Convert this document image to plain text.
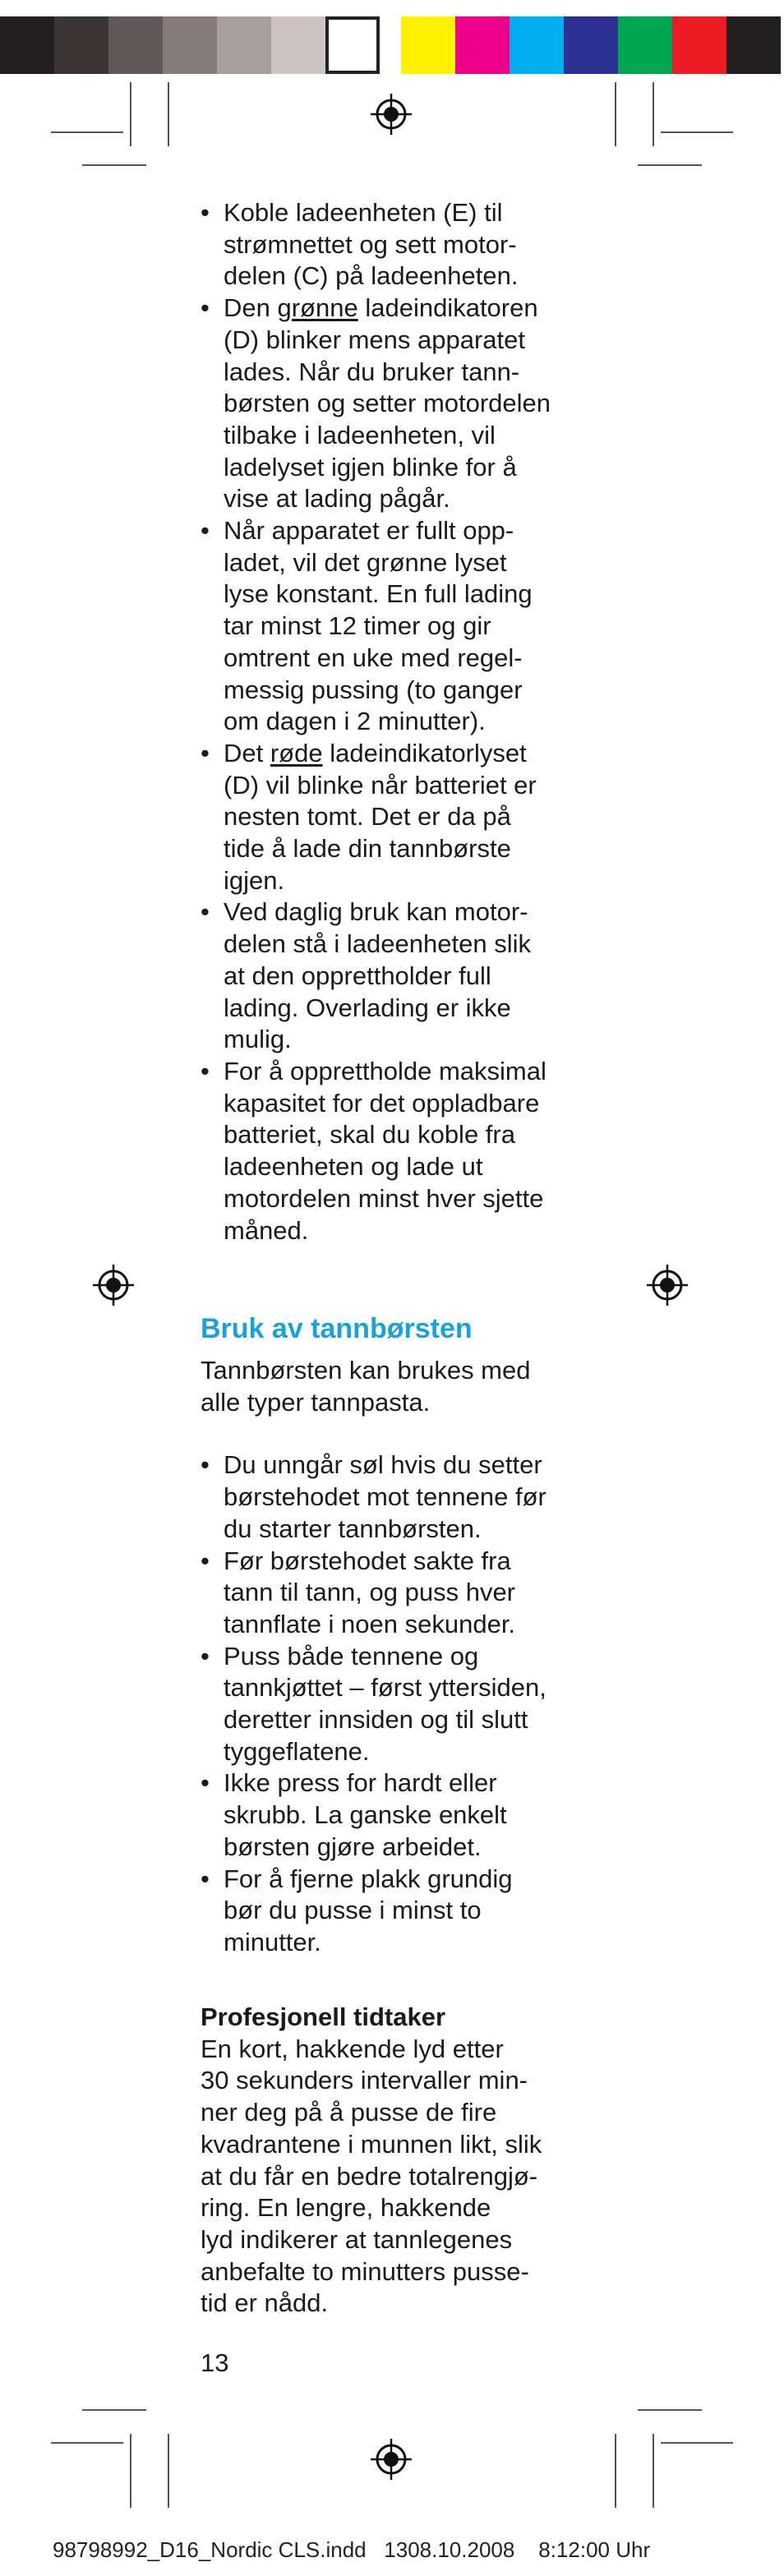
• Koble ladeenheten (E) til
strømnettet og sett motor-
delen (C) på ladeenheten.
• Den grønne ladeindikatoren
(D) blinker mens apparatet
lades. Når du bruker tann-
børsten og setter motordelen
tilbake i ladeenheten, vil
ladelyset igjen blinke for å
vise at lading pågår.
• Når apparatet er fullt opp-
ladet, vil det grønne lyset
lyse konstant. En full lading
tar minst 12 timer og gir
omtrent en uke med regel-
messig pussing (to ganger
om dagen i 2 minutter).
• Det røde ladeindikatorlyset
(D) vil blinke når batteriet er
nesten tomt. Det er da på
tide å lade din tannbørste
igjen.
• Ved daglig bruk kan motor-
delen stå i ladeenheten slik
at den opprettholder full
lading. Overlading er ikke
mulig.
• For å opprettholde maksimal
kapasitet for det oppladbare
batteriet, skal du koble fra
ladeenheten og lade ut
motordelen minst hver sjette
måned.
Bruk av tannbørsten
Tannbørsten kan brukes med
alle typer tannpasta.
• Du unngår søl hvis du setter
børstehodet mot tennene før
du starter tannbørsten.
• Før børstehodet sakte fra
tann til tann, og puss hver
tannflate i noen sekunder.
• Puss både tennene og
tannkjøttet – først yttersiden,
deretter innsiden og til slutt
tyggeflatene.
• Ikke press for hardt eller
skrubb. La ganske enkelt
børsten gjøre arbeidet.
• For å fjerne plakk grundig
bør du pusse i minst to
minutter.
Profesjonell tidtaker
En kort, hakkende lyd etter
30 sekunders intervaller min-
ner deg på å pusse de fire
kvadrantene i munnen likt, slik
at du får en bedre totalrengjø-
ring. En lengre, hakkende
lyd indikerer at tannlegenes
anbefalte to minutters pusse-
tid er nådd.
13
98798992_D16_Nordic CLS.indd 1308.10.2008 8:12:00 Uhr
